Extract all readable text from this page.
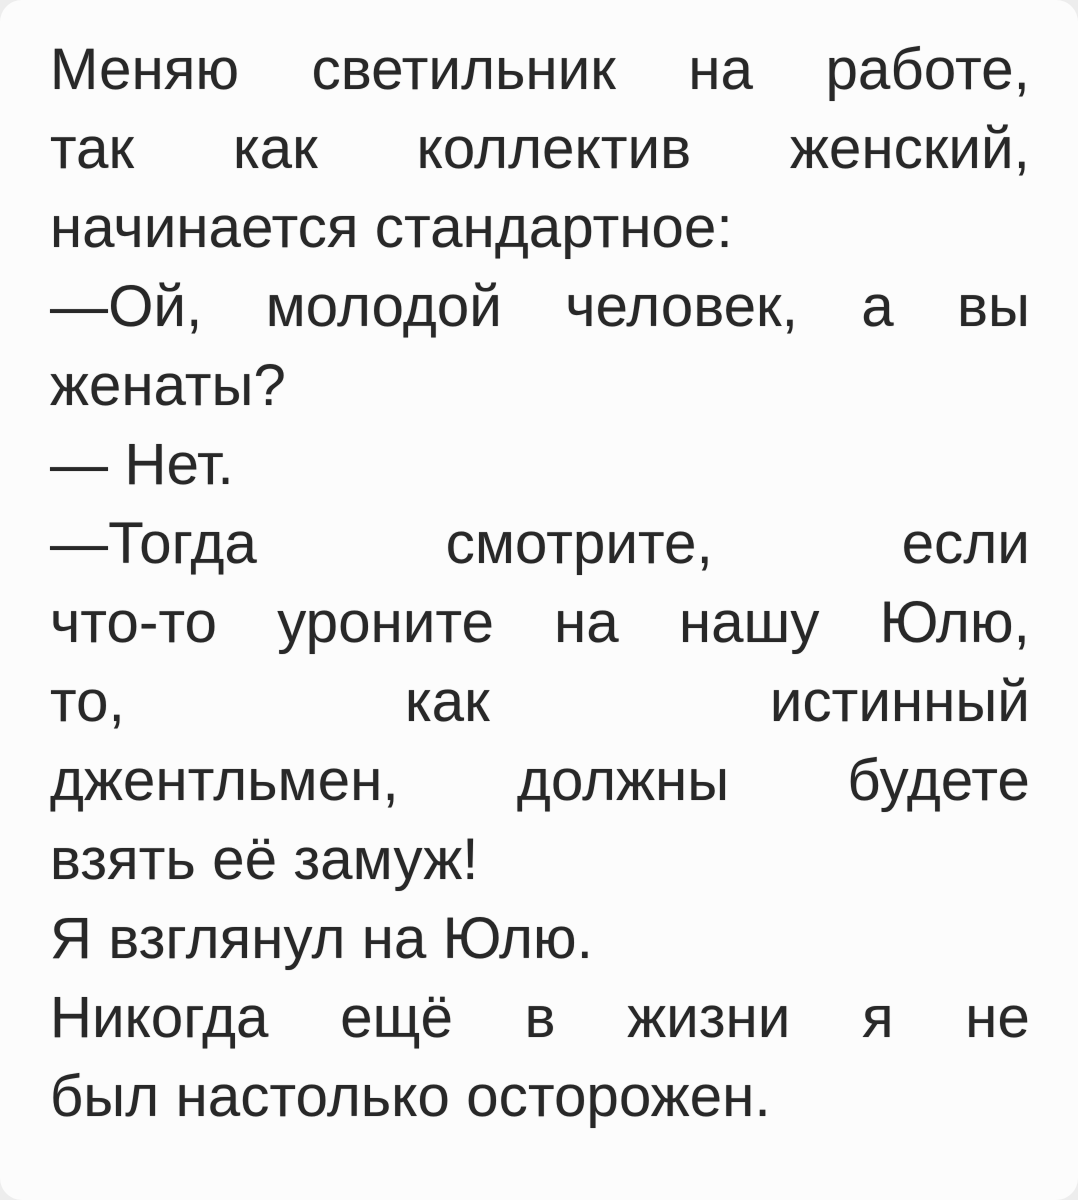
Меняю светильник на работе,
так как коллектив женский,
начинается стандартное:
—Ой, молодой человек, а вы
женаты?
— Нет.
—Тогда смотрите, если
что-то уроните на нашу Юлю,
то, как истинный
джентльмен, должны будете
взять её замуж!
Я взглянул на Юлю.
Никогда ещё в жизни я не
был настолько осторожен.
